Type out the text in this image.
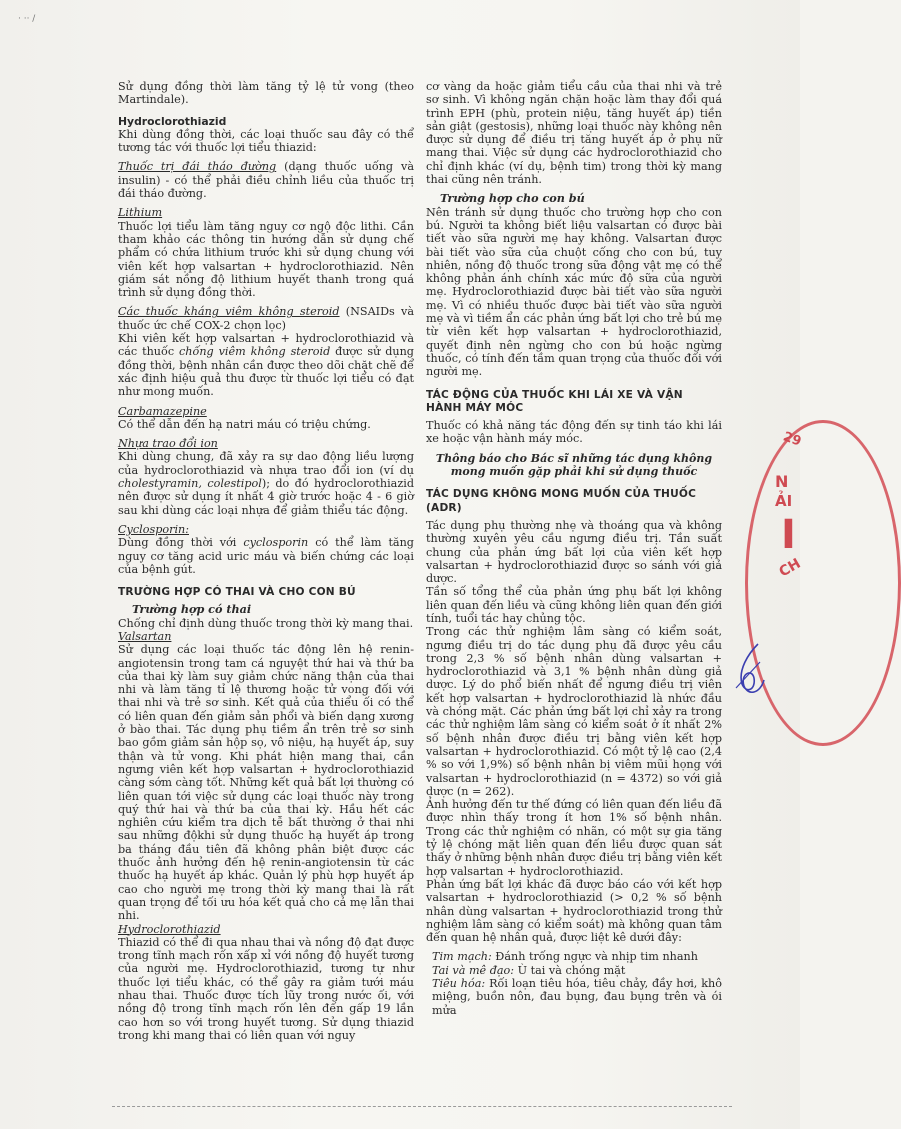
· ·· /

Sử dụng đồng thời làm tăng tỷ lệ tử vong (theo Martindale).

Hydroclorothiazid

Khi dùng đồng thời, các loại thuốc sau đây có thể tương tác với thuốc lợi tiểu thiazid:

Thuốc trị đái tháo đường (dạng thuốc uống và insulin) - có thể phải điều chỉnh liều của thuốc trị đái tháo đường.

Lithium

Thuốc lợi tiểu làm tăng nguy cơ ngộ độc lithi. Cần tham khảo các thông tin hướng dẫn sử dụng chế phẩm có chứa lithium trước khi sử dụng chung với viên kết hợp valsartan + hydroclorothiazid. Nên giám sát nồng độ lithium huyết thanh trong quá trình sử dụng đồng thời.

Các thuốc kháng viêm không steroid (NSAIDs và thuốc ức chế COX-2 chọn lọc)

Khi viên kết hợp valsartan + hydroclorothiazid và các thuốc chống viêm không steroid được sử dụng đồng thời, bệnh nhân cần được theo dõi chặt chẽ để xác định hiệu quả thu được từ thuốc lợi tiểu có đạt như mong muốn.

Carbamazepine

Có thể dẫn đến hạ natri máu có triệu chứng.

Nhựa trao đổi ion

Khi dùng chung, đã xảy ra sự dao động liều lượng của hydroclorothiazid và nhựa trao đổi ion (ví dụ cholestyramin, colestipol); do đó hydroclorothiazid nên được sử dụng ít nhất 4 giờ trước hoặc 4 - 6 giờ sau khi dùng các loại nhựa để giảm thiểu tác động.

Cyclosporin:

Dùng đồng thời với cyclosporin có thể làm tăng nguy cơ tăng acid uric máu và biến chứng các loại của bệnh gút.

TRƯỜNG HỢP CÓ THAI VÀ CHO CON BÚ
Trường hợp có thai

Chống chỉ định dùng thuốc trong thời kỳ mang thai.

Valsartan

Sử dụng các loại thuốc tác động lên hệ renin-angiotensin trong tam cá nguyệt thứ hai và thứ ba của thai kỳ làm suy giảm chức năng thận của thai nhi và làm tăng tỉ lệ thương hoặc tử vong đối với thai nhi và trẻ sơ sinh. Kết quả của thiểu ối có thể có liên quan đến giảm sản phổi và biến dạng xương ở bào thai. Tác dụng phụ tiềm ẩn trên trẻ sơ sinh bao gồm giảm sản hộp sọ, vô niệu, hạ huyết áp, suy thận và tử vong. Khi phát hiện mang thai, cần ngưng viên kết hợp valsartan + hydroclorothiazid càng sớm càng tốt. Những kết quả bất lợi thường có liên quan tới việc sử dụng các loại thuốc này trong quý thứ hai và thứ ba của thai kỳ. Hầu hết các nghiên cứu kiểm tra dịch tễ bất thường ở thai nhi sau những độkhi sử dụng thuốc hạ huyết áp trong ba tháng đầu tiên đã không phân biệt được các thuốc ảnh hưởng đến hệ renin-angiotensin từ các thuốc hạ huyết áp khác. Quản lý phù hợp huyết áp cao cho người mẹ trong thời kỳ mang thai là rất quan trọng để tối ưu hóa kết quả cho cả mẹ lẫn thai nhi.

Hydroclorothiazid

Thiazid có thể đi qua nhau thai và nồng độ đạt được trong tĩnh mạch rốn xấp xỉ với nồng độ huyết tương của người mẹ. Hydroclorothiazid, tương tự như thuốc lợi tiểu khác, có thể gây ra giảm tưới máu nhau thai. Thuốc được tích lũy trong nước ối, với nồng độ trong tĩnh mạch rốn lên đến gấp 19 lần cao hơn so với trong huyết tương. Sử dụng thiazid trong khi mang thai có liên quan với nguy

cơ vàng da hoặc giảm tiểu cầu của thai nhi và trẻ sơ sinh. Vì không ngăn chặn hoặc làm thay đổi quá trình EPH (phù, protein niệu, tăng huyết áp) tiền sản giật (gestosis), những loại thuốc này không nên được sử dụng để điều trị tăng huyết áp ở phụ nữ mang thai. Việc sử dụng các hydroclorothiazid cho chỉ định khác (ví dụ, bệnh tim) trong thời kỳ mang thai cũng nên tránh.

Trường hợp cho con bú

Nên tránh sử dụng thuốc cho trường hợp cho con bú. Người ta không biết liệu valsartan có được bài tiết vào sữa người mẹ hay không. Valsartan được bài tiết vào sữa của chuột cống cho con bú, tuy nhiên, nồng độ thuốc trong sữa động vật mẹ có thể không phản ánh chính xác mức độ sữa của người mẹ. Hydroclorothiazid được bài tiết vào sữa người mẹ. Vì có nhiều thuốc được bài tiết vào sữa người mẹ và vì tiềm ẩn các phản ứng bất lợi cho trẻ bú mẹ từ viên kết hợp valsartan + hydroclorothiazid, quyết định nên ngừng cho con bú hoặc ngừng thuốc, có tính đến tầm quan trọng của thuốc đối với người mẹ.

TÁC ĐỘNG CỦA THUỐC KHI LÁI XE VÀ VẬN HÀNH MÁY MÓC

Thuốc có khả năng tác động đến sự tinh táo khi lái xe hoặc vận hành máy móc.

Thông báo cho Bác sĩ những tác dụng không
mong muốn gặp phải khi sử dụng thuốc
TÁC DỤNG KHÔNG MONG MUỐN CỦA THUỐC (ADR)

Tác dụng phụ thường nhẹ và thoáng qua và không thường xuyên yêu cầu ngưng điều trị. Tần suất chung của phản ứng bất lợi của viên kết hợp valsartan + hydroclorothiazid được so sánh với giả dược.

Tần số tổng thể của phản ứng phụ bất lợi không liên quan đến liều và cũng không liên quan đến giới tính, tuổi tác hay chủng tộc.

Trong các thử nghiệm lâm sàng có kiểm soát, ngưng điều trị do tác dụng phụ đã được yêu cầu trong 2,3 % số bệnh nhân dùng valsartan + hydroclorothiazid và 3,1 % bệnh nhân dùng giả dược. Lý do phổ biến nhất để ngưng điều trị viên kết hợp valsartan + hydroclorothiazid là nhức đầu và chóng mặt. Các phản ứng bất lợi chỉ xảy ra trong các thử nghiệm lâm sàng có kiểm soát ở ít nhất 2% số bệnh nhân được điều trị bằng viên kết hợp valsartan + hydroclorothiazid. Có một tỷ lệ cao (2,4 % so với 1,9%) số bệnh nhân bị viêm mũi họng với valsartan + hydroclorothiazid (n = 4372) so với giả dược (n = 262).

Ảnh hưởng đến tư thế đứng có liên quan đến liều đã được nhìn thấy trong ít hơn 1% số bệnh nhân. Trong các thử nghiệm có nhãn, có một sự gia tăng tỷ lệ chóng mặt liên quan đến liều được quan sát thấy ở những bệnh nhân được điều trị bằng viên kết hợp valsartan + hydroclorothiazid.

Phản ứng bất lợi khác đã được báo cáo với kết hợp valsartan + hydroclorothiazid (> 0,2 % số bệnh nhân dùng valsartan + hydroclorothiazid trong thử nghiệm lâm sàng có kiểm soát) mà không quan tâm đến quan hệ nhân quả, được liệt kê dưới đây:

Tim mạch: Đánh trống ngực và nhịp tim nhanh

Tai và mê đạo: Ù tai và chóng mặt

Tiêu hóa: Rối loạn tiêu hóa, tiêu chảy, đầy hơi, khô miệng, buồn nôn, đau bụng, đau bụng trên và ói mửa

29
N
ẢI
I
CH
